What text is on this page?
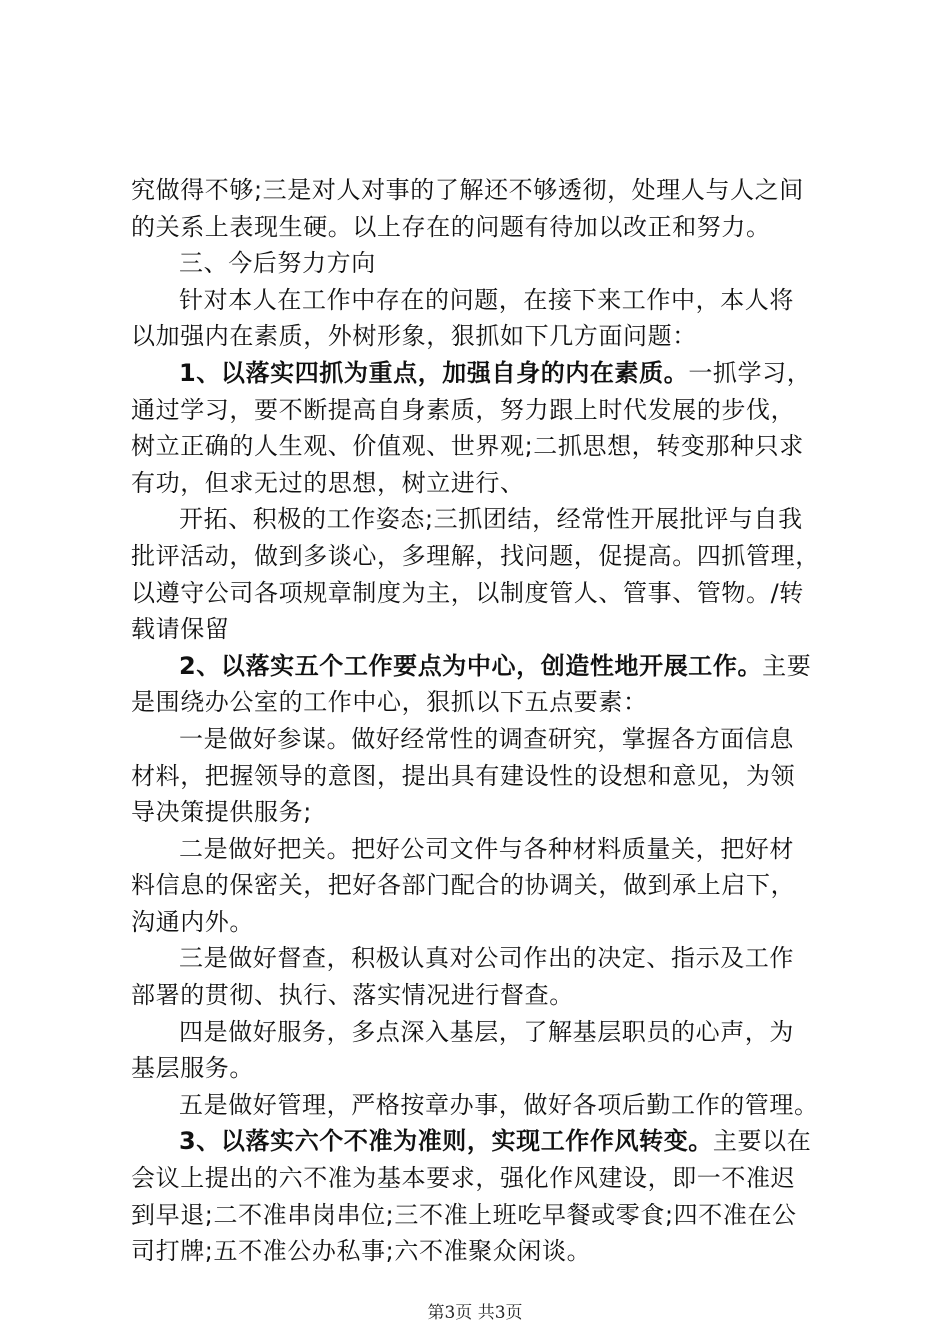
究做得不够;三是对人对事的了解还不够透彻，处理人与人之间
的关系上表现生硬。以上存在的问题有待加以改正和努力。
三、今后努力方向
针对本人在工作中存在的问题，在接下来工作中，本人将
以加强内在素质，外树形象，狠抓如下几方面问题：
1、以落实四抓为重点，加强自身的内在素质。一抓学习，
通过学习，要不断提高自身素质，努力跟上时代发展的步伐，
树立正确的人生观、价值观、世界观;二抓思想，转变那种只求
有功，但求无过的思想，树立进行、
开拓、积极的工作姿态;三抓团结，经常性开展批评与自我
批评活动，做到多谈心，多理解，找问题，促提高。四抓管理，
以遵守公司各项规章制度为主，以制度管人、管事、管物。/转
载请保留
2、以落实五个工作要点为中心，创造性地开展工作。主要
是围绕办公室的工作中心，狠抓以下五点要素：
一是做好参谋。做好经常性的调查研究，掌握各方面信息
材料，把握领导的意图，提出具有建设性的设想和意见，为领
导决策提供服务;
二是做好把关。把好公司文件与各种材料质量关，把好材
料信息的保密关，把好各部门配合的协调关，做到承上启下，
沟通内外。
三是做好督查，积极认真对公司作出的决定、指示及工作
部署的贯彻、执行、落实情况进行督查。
四是做好服务，多点深入基层，了解基层职员的心声，为
基层服务。
五是做好管理，严格按章办事，做好各项后勤工作的管理。
3、以落实六个不准为准则，实现工作作风转变。主要以在
会议上提出的六不准为基本要求，强化作风建设，即一不准迟
到早退;二不准串岗串位;三不准上班吃早餐或零食;四不准在公
司打牌;五不准公办私事;六不准聚众闲谈。
第3页 共3页
